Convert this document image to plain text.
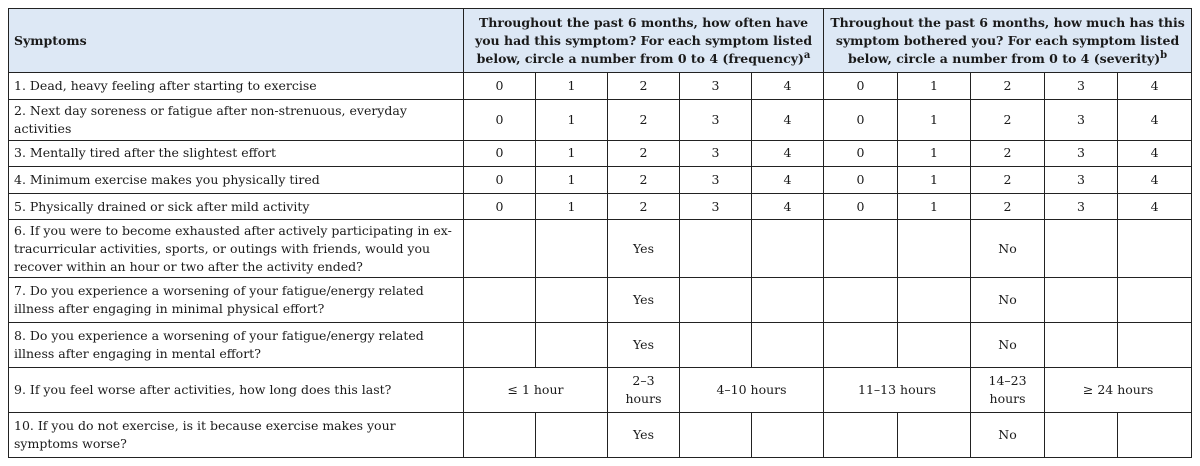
Symptoms	Throughout the past 6 months, how often have you had this symptom? For each symptom listed below, circle a number from 0 to 4 (frequency)$^a$					Throughout the past 6 months, how much has this symptom bothered you? For each symptom listed below, circle a number from 0 to 4 (severity)$^b$
1. Dead, heavy feeling after starting to exercise	0	1	2	3	4	0	1	2	3	4
2. Next day soreness or fatigue after non-strenuous, everyday activities	0	1	2	3	4	0	1	2	3	4
3. Mentally tired after the slightest effort	0	1	2	3	4	0	1	2	3	4
4. Minimum exercise makes you physically tired	0	1	2	3	4	0	1	2	3	4
5. Physically drained or sick after mild activity	0	1	2	3	4	0	1	2	3	4
6. If you were to become exhausted after actively participating in ex-tracurricular activities, sports, or outings with friends, would you recover within an hour or two after the activity ended?			Yes					No		
7. Do you experience a worsening of your fatigue/energy related illness after engaging in minimal physical effort?			Yes					No		
8. Do you experience a worsening of your fatigue/energy related illness after engaging in mental effort?			Yes					No		
9. If you feel worse after activities, how long does this last?	≤ 1 hour		2–3 hours	4–10 hours		11–13 hours		14–23 hours	≥ 24 hours	
10. If you do not exercise, is it because exercise makes your symptoms worse?			Yes					No		
